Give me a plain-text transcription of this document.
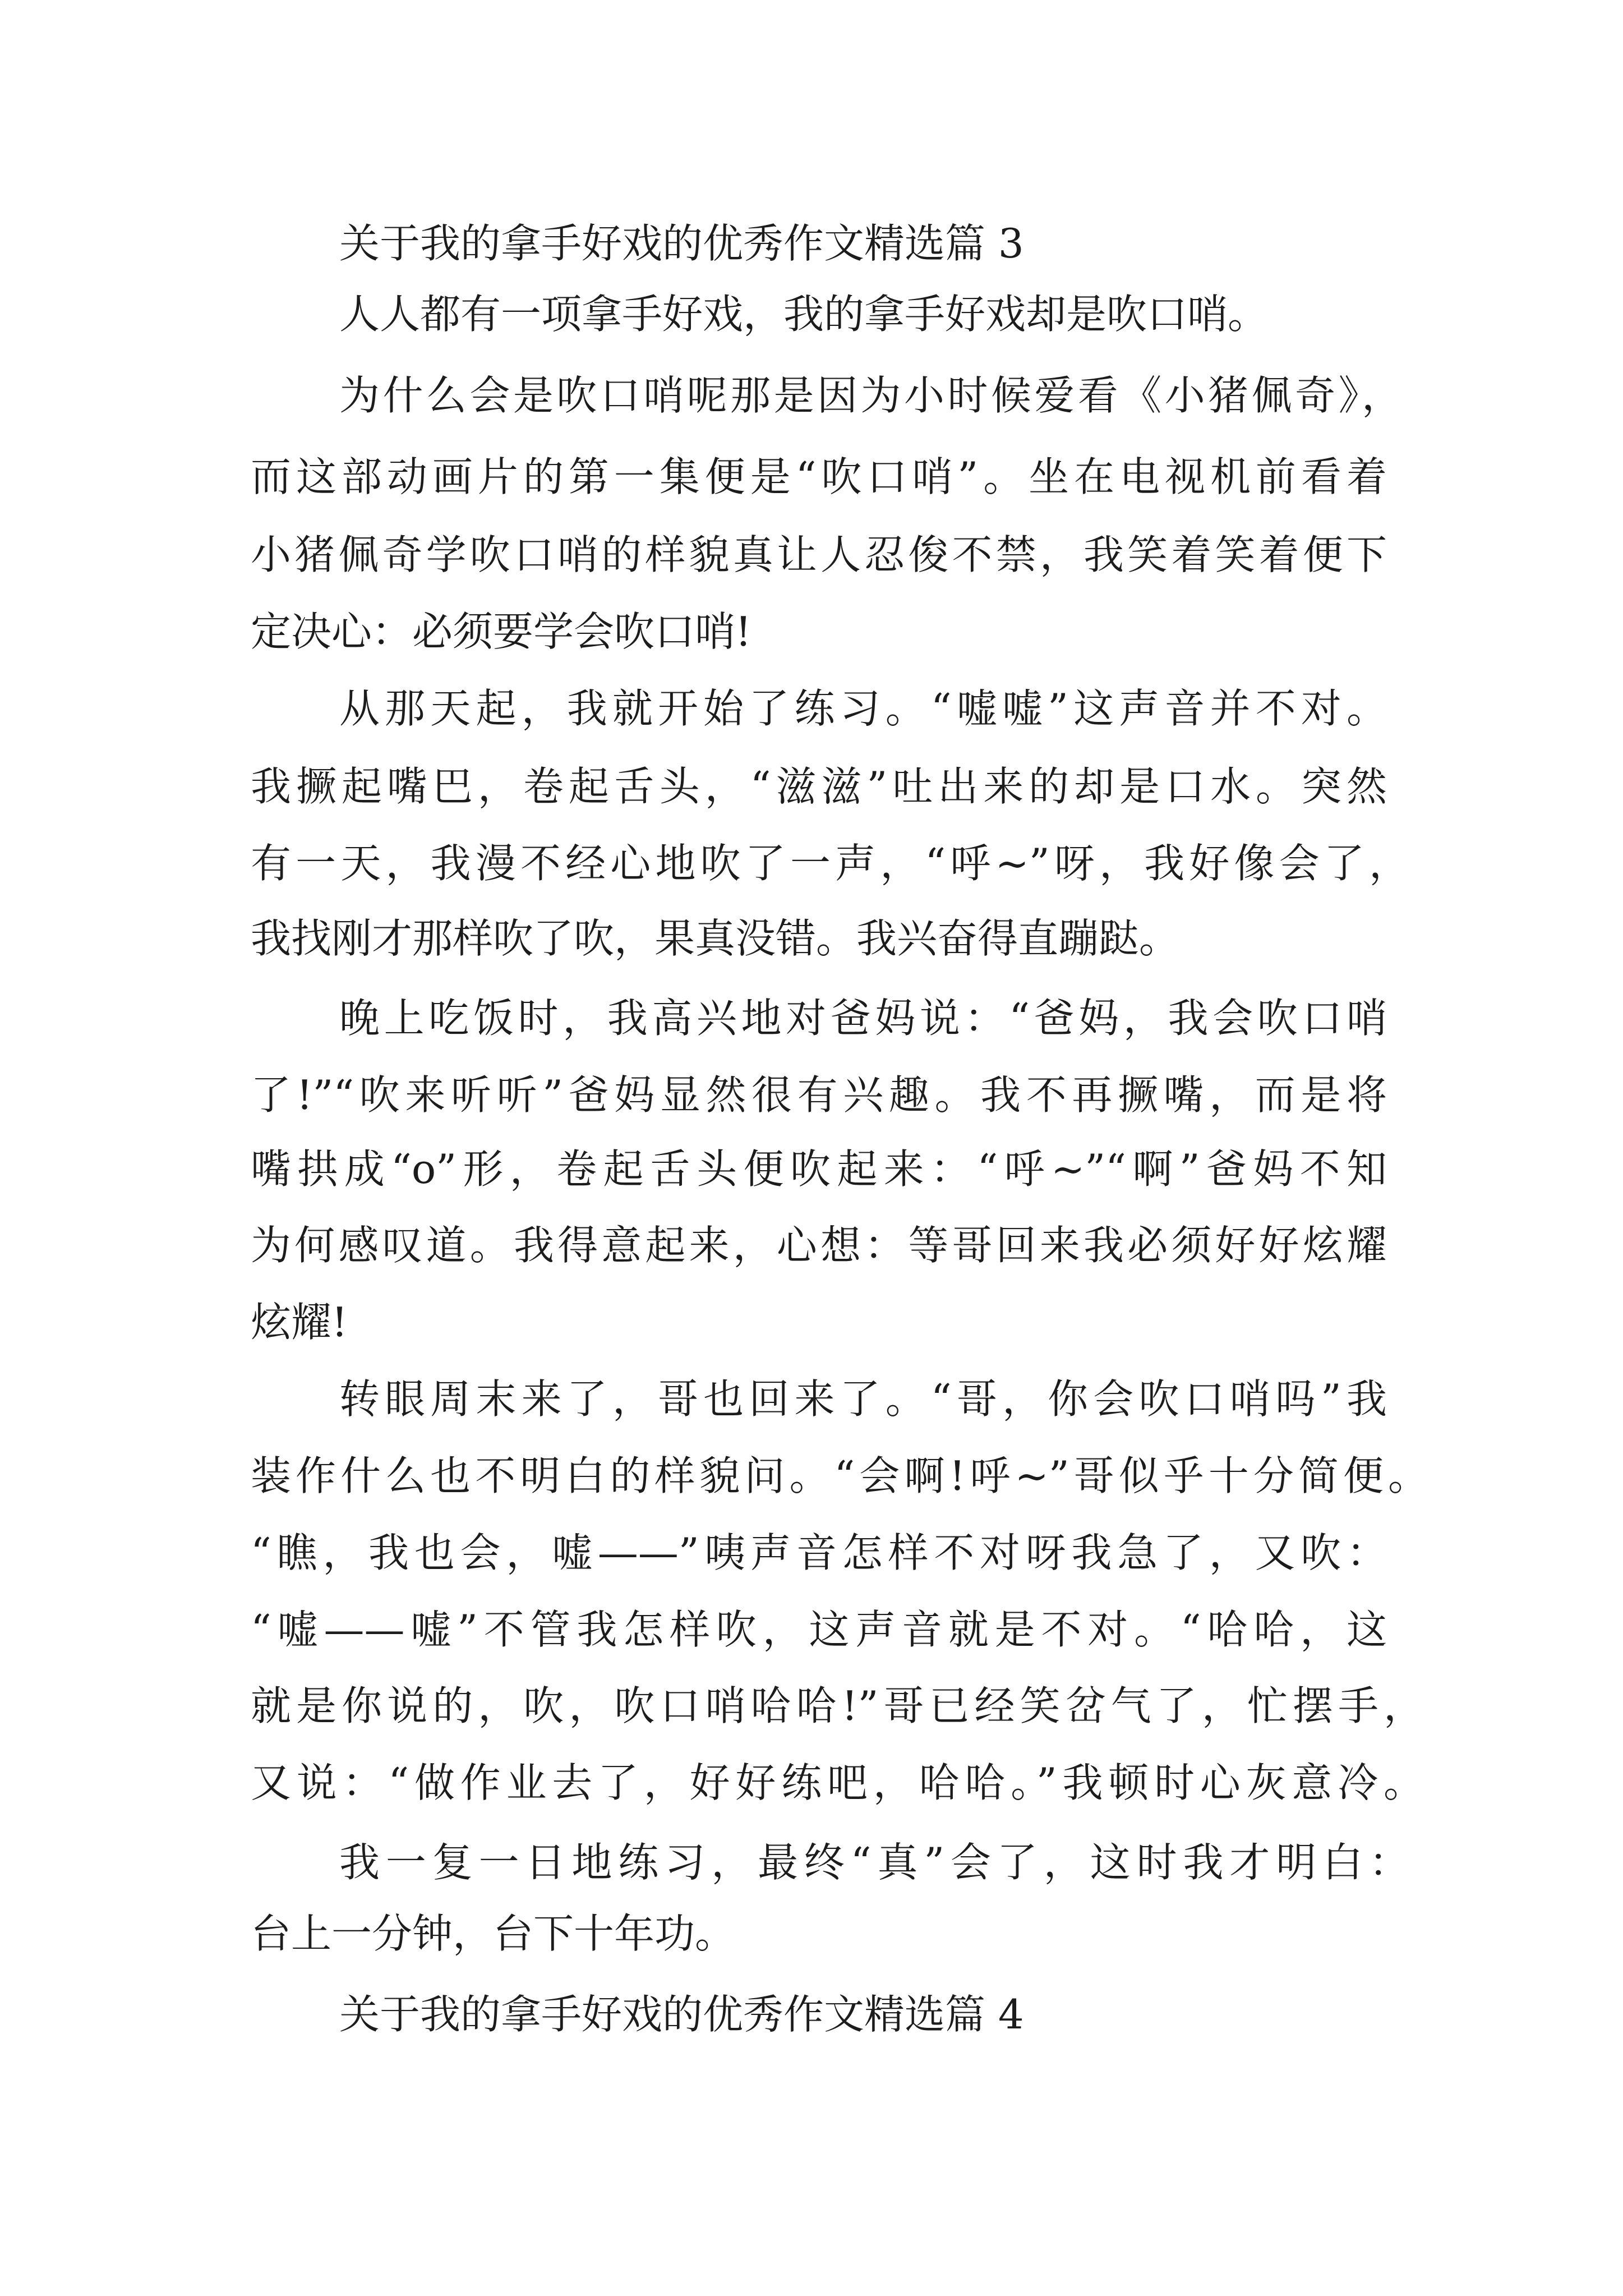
关于我的拿手好戏的优秀作文精选篇 3
人人都有一项拿手好戏，我的拿手好戏却是吹口哨。
为什么会是吹口哨呢那是因为小时候爱看《小猪佩奇》，
而这部动画片的第一集便是“吹口哨”。坐在电视机前看着
小猪佩奇学吹口哨的样貌真让人忍俊不禁，我笑着笑着便下
定决心：必须要学会吹口哨!
从那天起，我就开始了练习。“嘘嘘”这声音并不对。
我撅起嘴巴，卷起舌头，“滋滋”吐出来的却是口水。突然
有一天，我漫不经心地吹了一声，“呼~”呀，我好像会了，
我找刚才那样吹了吹，果真没错。我兴奋得直蹦跶。
晚上吃饭时，我高兴地对爸妈说：“爸妈，我会吹口哨
了!”“吹来听听”爸妈显然很有兴趣。我不再撅嘴，而是将
嘴拱成“o”形，卷起舌头便吹起来：“呼~”“啊”爸妈不知
为何感叹道。我得意起来，心想：等哥回来我必须好好炫耀
炫耀!
转眼周末来了，哥也回来了。“哥，你会吹口哨吗”我
装作什么也不明白的样貌问。“会啊!呼~”哥似乎十分简便。
“瞧，我也会，嘘——”咦声音怎样不对呀我急了，又吹：
“嘘——嘘”不管我怎样吹，这声音就是不对。“哈哈，这
就是你说的，吹，吹口哨哈哈!”哥已经笑岔气了，忙摆手，
又说：“做作业去了，好好练吧，哈哈。”我顿时心灰意冷。
我一复一日地练习，最终“真”会了，这时我才明白：
台上一分钟，台下十年功。
关于我的拿手好戏的优秀作文精选篇 4
